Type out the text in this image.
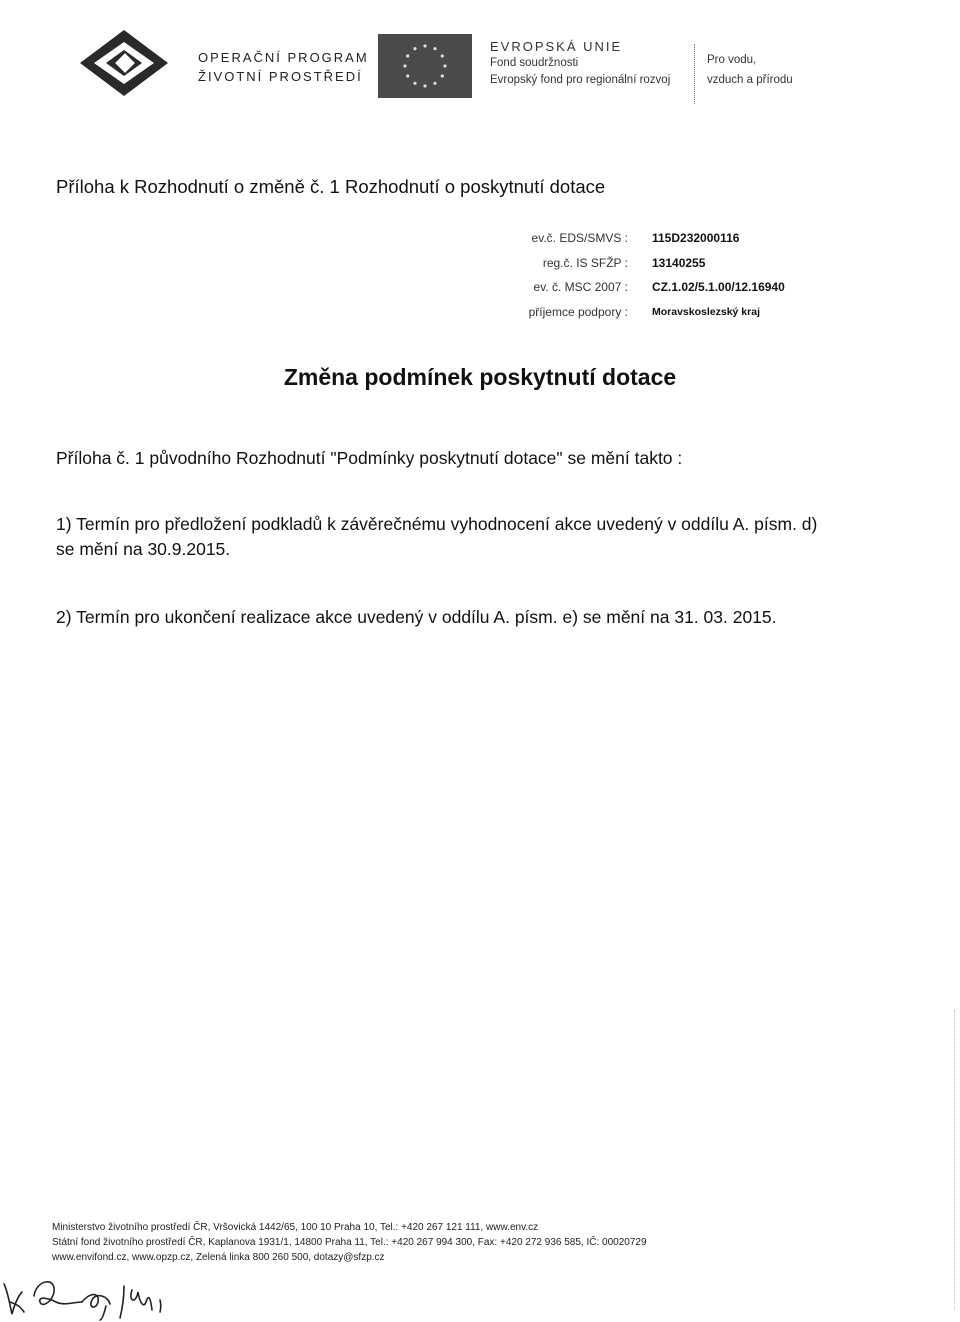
OPERAČNÍ PROGRAM
ŽIVOTNÍ PROSTŘEDÍ
EVROPSKÁ UNIE
Fond soudržnosti
Evropský fond pro regionální rozvoj
Pro vodu,
vzduch a přírodu
Příloha k Rozhodnutí o změně č. 1 Rozhodnutí o poskytnutí dotace
ev.č. EDS/SMVS :
reg.č. IS SFŽP :
ev. č. MSC 2007 :
příjemce podpory :
115D232000116
13140255
CZ.1.02/5.1.00/12.16940
Moravskoslezský kraj
Změna podmínek poskytnutí dotace
Příloha č. 1 původního Rozhodnutí "Podmínky poskytnutí dotace" se mění takto :
1) Termín pro předložení podkladů k závěrečnému vyhodnocení akce uvedený v oddílu A. písm. d)
se mění na 30.9.2015.
2) Termín pro ukončení realizace akce uvedený v oddílu A. písm. e) se mění na 31. 03. 2015.
Ministerstvo životního prostředí ČR, Vršovická 1442/65, 100 10 Praha 10, Tel.: +420 267 121 111, www.env.cz
Státní fond životního prostředí ČR, Kaplanova 1931/1, 14800 Praha 11, Tel.: +420 267 994 300, Fax: +420 272 936 585, IČ: 00020729
www.envifond.cz, www.opzp.cz, Zelená linka 800 260 500, dotazy@sfzp.cz
